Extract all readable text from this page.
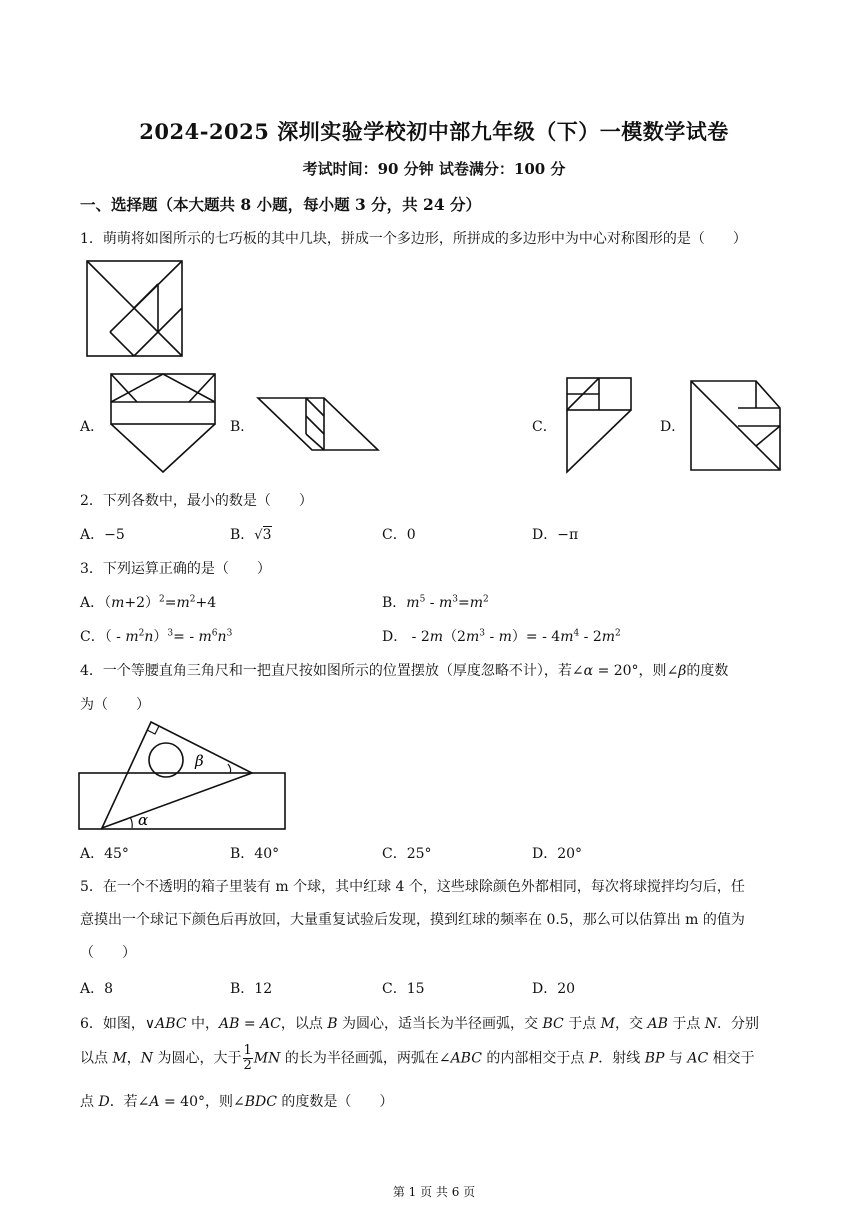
2024-2025 深圳实验学校初中部九年级（下）一模数学试卷
考试时间：90 分钟 试卷满分：100 分
一、选择题（本大题共 8 小题，每小题 3 分，共 24 分）
1．萌萌将如图所示的七巧板的其中几块，拼成一个多边形，所拼成的多边形中为中心对称图形的是（　　）
A．	B．	C．	D．
2．下列各数中，最小的数是（　　）
A．−5	B．√3	C．0	D．−π
3．下列运算正确的是（　　）
A．$(m+2)^2=m^2+4$	B．$m^5 - m^3=m^2$
C．（ - $m^2n)^3= - m^6n^3$	D． - $2m(2m^3 - m)= - 4m^4 - 2m^2$
4．一个等腰直角三角尺和一把直尺按如图所示的位置摆放（厚度忽略不计），若∠α = 20°，则∠β的度数
为（　　）
β
α
A．45°	B．40°	C．25°	D．20°
5．在一个不透明的箱子里装有 m 个球，其中红球 4 个，这些球除颜色外都相同，每次将球搅拌均匀后，任
意摸出一个球记下颜色后再放回，大量重复试验后发现，摸到红球的频率在 0.5，那么可以估算出 m 的值为
（　　）
A．8	B．12	C．15	D．20
6．如图，∨ABC 中，AB = AC，以点 B 为圆心，适当长为半径画弧，交 BC 于点 M，交 AB 于点 N．分别
以点 M，N 为圆心，大于 $\frac{1}{2}$ MN 的长为半径画弧，两弧在∠ABC 的内部相交于点 P．射线 BP 与 AC 相交于
点 D．若∠A = 40°，则∠BDC 的度数是（　　）
第 1 页 共 6 页
